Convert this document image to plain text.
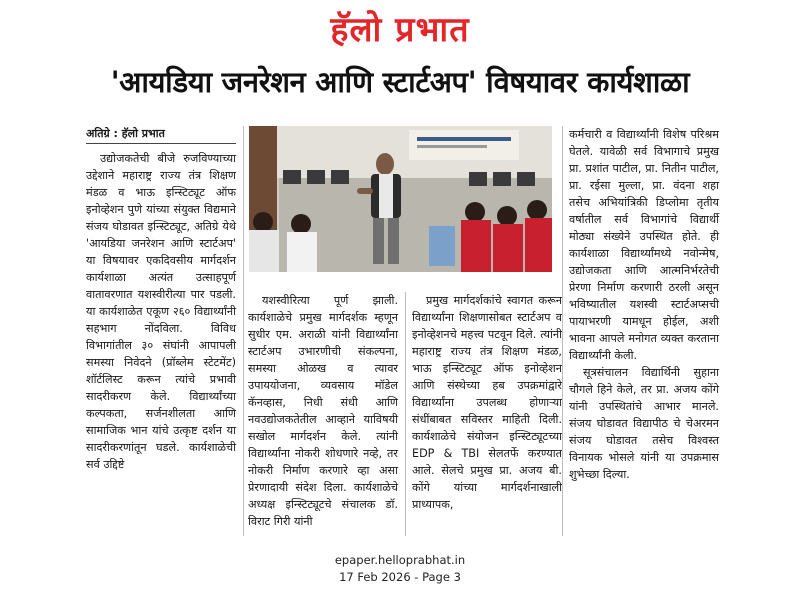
हॅलो प्रभात
'आयडिया जनरेशन आणि स्टार्टअप' विषयावर कार्यशाळा
अतिग्रे : हॅलो प्रभात

उद्योजकतेची बीजे रुजविण्याच्या उद्देशाने महाराष्ट्र राज्य तंत्र शिक्षण मंडळ व भाऊ इन्स्टिट्यूट ऑफ इनोव्हेशन पुणे यांच्या संयुक्त विद्यमाने संजय घोडावत इन्स्टिट्यूट, अतिग्रे येथे 'आयडिया जनरेशन आणि स्टार्टअप' या विषयावर एकदिवसीय मार्गदर्शन कार्यशाळा अत्यंत उत्साहपूर्ण वातावरणात यशस्वीरीत्या पार पडली. या कार्यशाळेत एकूण २६० विद्यार्थ्यांनी सहभाग नोंदविला. विविध विभागांतील ३० संघांनी आपापली समस्या निवेदने (प्रॉब्लेम स्टेटमेंट) शॉर्टलिस्ट करून त्यांचे प्रभावी सादरीकरण केले. विद्यार्थ्यांच्या कल्पकता, सर्जनशीलता आणि सामाजिक भान यांचे उत्कृष्ट दर्शन या सादरीकरणांतून घडले. कार्यशाळेची सर्व उद्दिष्टे

यशस्वीरित्या पूर्ण झाली. कार्यशाळेचे प्रमुख मार्गदर्शक म्हणून सुधीर एम. अराळी यांनी विद्यार्थ्यांना स्टार्टअप उभारणीची संकल्पना, समस्या ओळख व त्यावर उपाययोजना, व्यवसाय मॉडेल कॅनव्हास, निधी संधी आणि नवउद्योजकतेतील आव्हाने याविषयी सखोल मार्गदर्शन केले. त्यांनी विद्यार्थ्यांना नोकरी शोधणारे नव्हे, तर नोकरी निर्माण करणारे व्हा असा प्रेरणादायी संदेश दिला. कार्यशाळेचे अध्यक्ष इन्स्टिट्यूटचे संचालक डॉ. विराट गिरी यांनी

प्रमुख मार्गदर्शकांचे स्वागत करून विद्यार्थ्यांना शिक्षणासोबत स्टार्टअप व इनोव्हेशनचे महत्त्व पटवून दिले. त्यांनी महाराष्ट्र राज्य तंत्र शिक्षण मंडळ, भाऊ इन्स्टिट्यूट ऑफ इनोव्हेशन आणि संस्थेच्या हब उपक्रमांद्वारे विद्यार्थ्यांना उपलब्ध होणाऱ्या संधींबाबत सविस्तर माहिती दिली. कार्यशाळेचे संयोजन इन्स्टिट्यूटच्या EDP & TBI सेलतर्फे करण्यात आले. सेलचे प्रमुख प्रा. अजय बी. कोंगे यांच्या मार्गदर्शनाखाली प्राध्यापक,

कर्मचारी व विद्यार्थ्यांनी विशेष परिश्रम घेतले. यावेळी सर्व विभागाचे प्रमुख प्रा. प्रशांत पाटील, प्रा. नितीन पाटील, प्रा. रईसा मुल्ला, प्रा. वंदना शहा तसेच अभियांत्रिकी डिप्लोमा तृतीय वर्षातील सर्व विभागांचे विद्यार्थी मोठ्या संख्येने उपस्थित होते. ही कार्यशाळा विद्यार्थ्यांमध्ये नवोन्मेष, उद्योजकता आणि आत्मनिर्भरतेची प्रेरणा निर्माण करणारी ठरली असून भविष्यातील यशस्वी स्टार्टअप्सची पायाभरणी यामधून होईल, अशी भावना आपले मनोगत व्यक्त करताना विद्यार्थ्यांनी केली.

सूत्रसंचालन विद्यार्थिनी सुहाना चौगले हिने केले, तर प्रा. अजय कोंगे यांनी उपस्थितांचे आभार मानले. संजय घोडावत विद्यापीठ चे चेअरमन संजय घोडावत तसेच विश्वस्त विनायक भोसले यांनी या उपक्रमास शुभेच्छा दिल्या.

epaper.helloprabhat.in
17 Feb 2026 - Page 3
